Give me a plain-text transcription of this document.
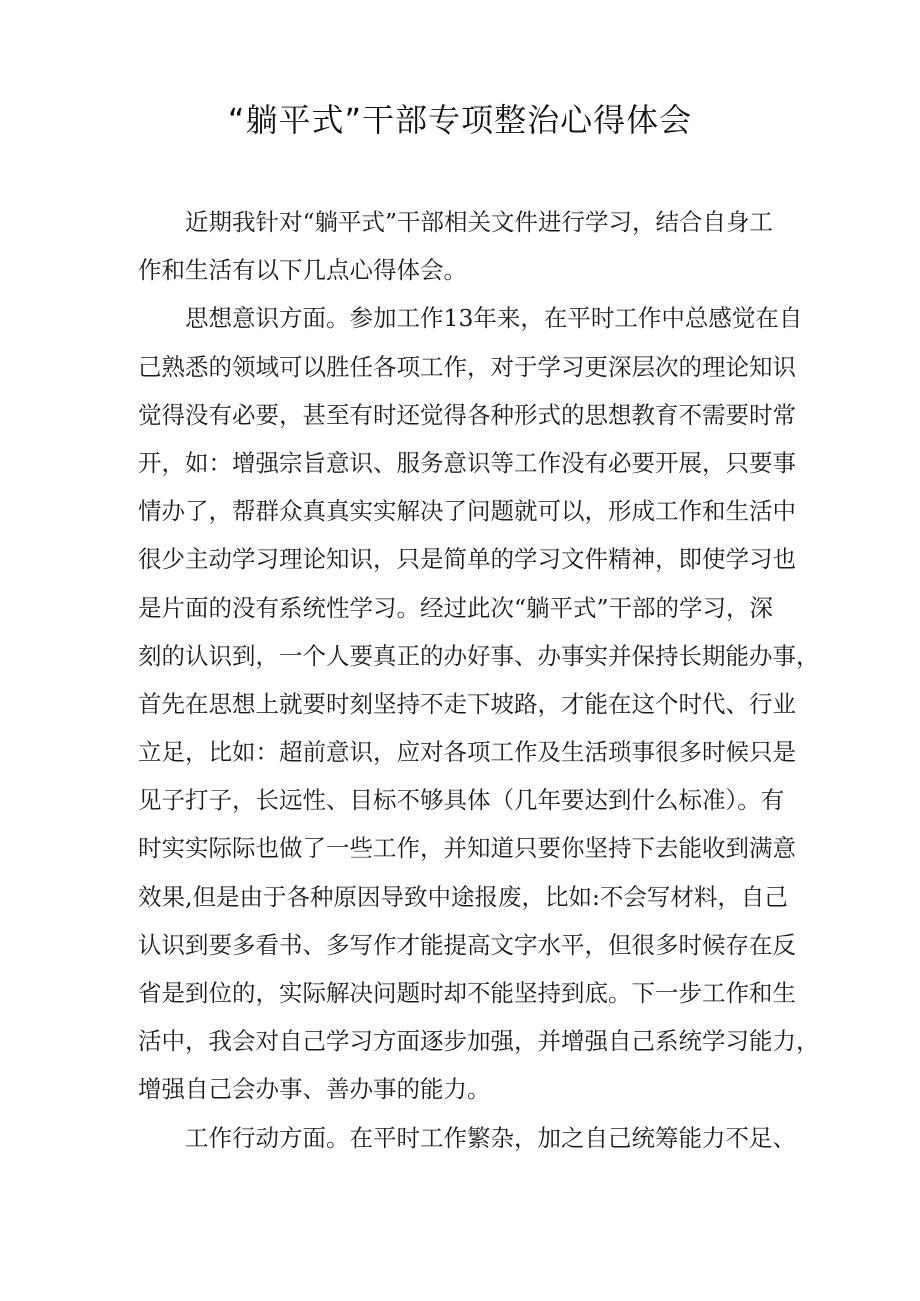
“躺平式”干部专项整治心得体会
近期我针对“躺平式”干部相关文件进行学习，结合自身工
作和生活有以下几点心得体会。
思想意识方面。参加工作13年来，在平时工作中总感觉在自
己熟悉的领域可以胜任各项工作，对于学习更深层次的理论知识
觉得没有必要，甚至有时还觉得各种形式的思想教育不需要时常
开，如：增强宗旨意识、服务意识等工作没有必要开展，只要事
情办了，帮群众真真实实解决了问题就可以，形成工作和生活中
很少主动学习理论知识，只是简单的学习文件精神，即使学习也
是片面的没有系统性学习。经过此次“躺平式”干部的学习，深
刻的认识到，一个人要真正的办好事、办事实并保持长期能办事，
首先在思想上就要时刻坚持不走下坡路，才能在这个时代、行业
立足，比如：超前意识，应对各项工作及生活琐事很多时候只是
见子打子，长远性、目标不够具体（几年要达到什么标准）。有
时实实际际也做了一些工作，并知道只要你坚持下去能收到满意
效果,但是由于各种原因导致中途报废，比如:不会写材料，自己
认识到要多看书、多写作才能提高文字水平，但很多时候存在反
省是到位的，实际解决问题时却不能坚持到底。下一步工作和生
活中，我会对自己学习方面逐步加强，并增强自己系统学习能力，
增强自己会办事、善办事的能力。
工作行动方面。在平时工作繁杂，加之自己统筹能力不足、
